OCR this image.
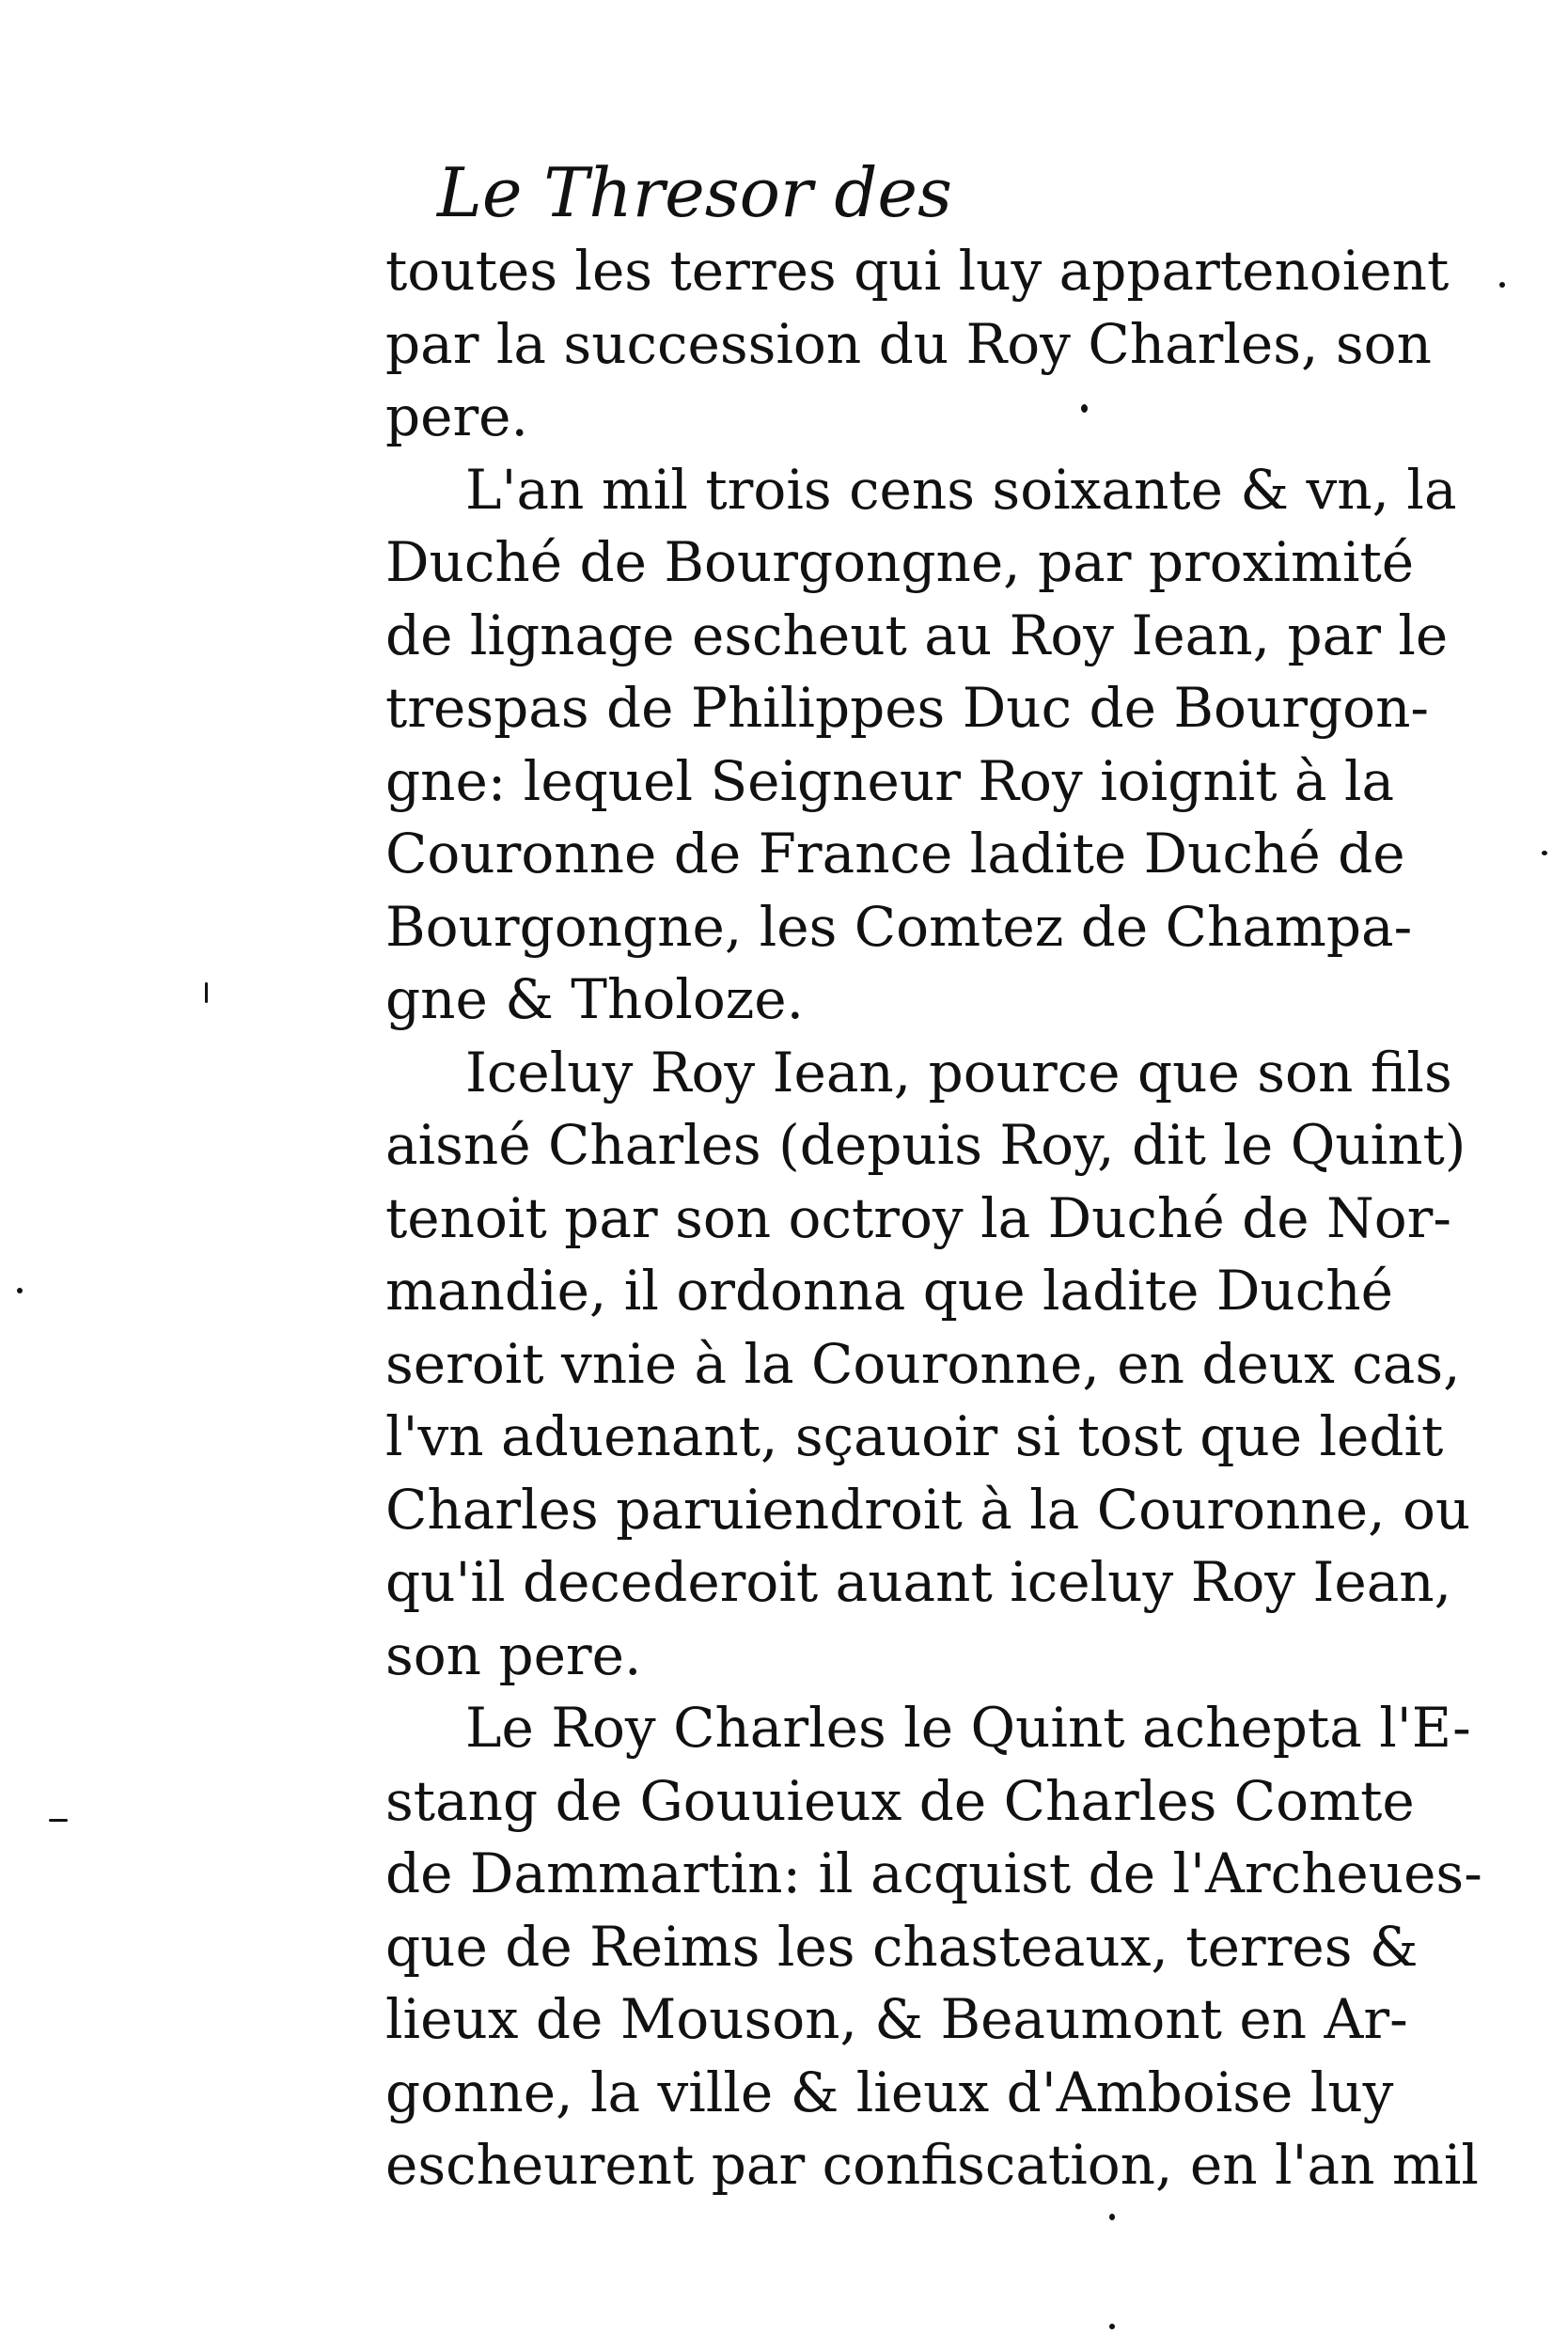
Le Thresor des
toutes les terres qui luy appartenoient
par la succession du Roy Charles, son
pere.
L'an mil trois cens soixante & vn, la
Duché de Bourgongne, par proximité
de lignage escheut au Roy Iean, par le
trespas de Philippes Duc de Bourgon-
gne: lequel Seigneur Roy ioignit à la
Couronne de France ladite Duché de
Bourgongne, les Comtez de Champa-
gne & Tholoze.
Iceluy Roy Iean, pource que son fils
aisné Charles (depuis Roy, dit le Quint)
tenoit par son octroy la Duché de Nor-
mandie, il ordonna que ladite Duché
seroit vnie à la Couronne, en deux cas,
l'vn aduenant, sçauoir si tost que ledit
Charles paruiendroit à la Couronne, ou
qu'il decederoit auant iceluy Roy Iean,
son pere.
Le Roy Charles le Quint achepta l'E-
stang de Gouuieux de Charles Comte
de Dammartin: il acquist de l'Archeues-
que de Reims les chasteaux, terres &
lieux de Mouson, & Beaumont en Ar-
gonne, la ville & lieux d'Amboise luy
escheurent par confiscation, en l'an mil
